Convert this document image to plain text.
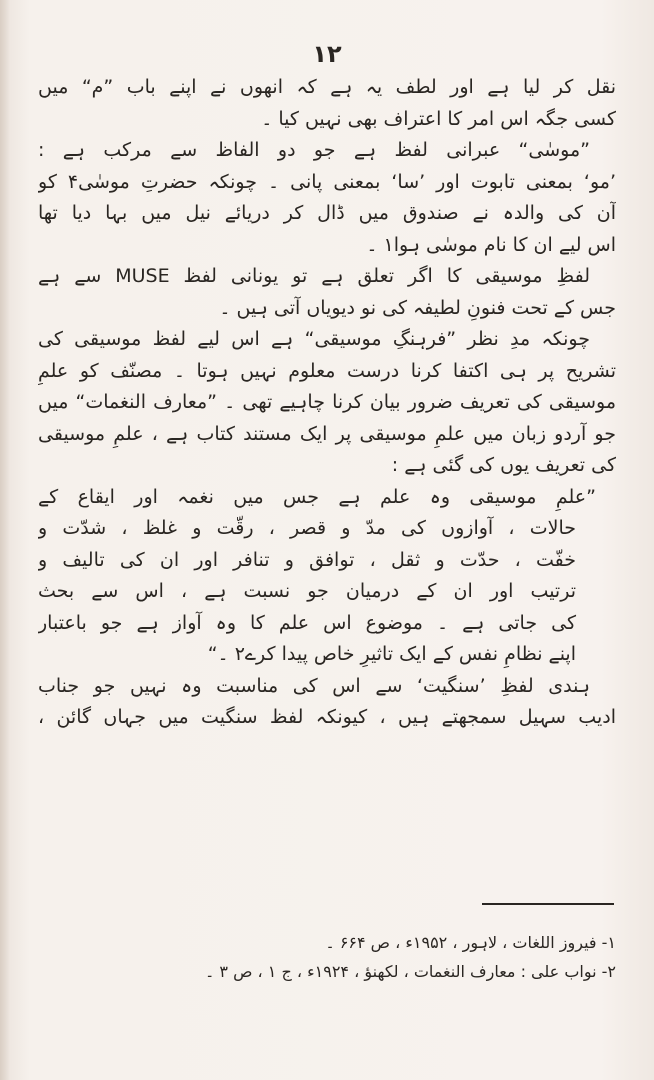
۱۲
نقل کر لیا ہے اور لطف یہ ہے کہ انھوں نے اپنے باب ”م“ میں
کسی جگہ اس امر کا اعتراف بھی نہیں کیا ۔
”موسٰی“ عبرانی لفظ ہے جو دو الفاظ سے مرکب ہے :
’مو‘ بمعنی تابوت اور ’سا‘ بمعنی پانی ۔ چونکہ حضرتِ موسٰی۴ کو
آن کی والدہ نے صندوق میں ڈال کر دریائے نیل میں بہا دیا تھا
اس لیے ان کا نام موسٰی ہوا۱ ۔
لفظِ موسیقی کا اگر تعلق ہے تو یونانی لفظ MUSE سے ہے
جس کے تحت فنونِ لطیفہ کی نو دیویاں آتی ہیں ۔
چونکہ مدِ نظر ”فرہنگِ موسیقی“ ہے اس لیے لفظ موسیقی کی
تشریح پر ہی اکتفا کرنا درست معلوم نہیں ہوتا ۔ مصنّف کو علمِ
موسیقی کی تعریف ضرور بیان کرنا چاہیے تھی ۔ ”معارف النغمات“ میں
جو آردو زبان میں علمِ موسیقی پر ایک مستند کتاب ہے ، علمِ موسیقی
کی تعریف یوں کی گئی ہے :
”علمِ موسیقی وہ علم ہے جس میں نغمہ اور ایقاع کے
حالات ، آوازوں کی مدّ و قصر ، رقّت و غلظ ، شدّت و
خفّت ، حدّت و ثقل ، توافق و تنافر اور ان کی تالیف و
ترتیب اور ان کے درمیان جو نسبت ہے ، اس سے بحث
کی جاتی ہے ۔ موضوع اس علم کا وہ آواز ہے جو باعتبار
اپنے نظامِ نفس کے ایک تاثیرِ خاص پیدا کرے۲ ۔“
ہندی لفظِ ’سنگیت‘ سے اس کی مناسبت وہ نہیں جو جناب
ادیب سہیل سمجھتے ہیں ، کیونکہ لفظ سنگیت میں جہاں گائن ،
۱- فیروز اللغات ، لاہور ، ۱۹۵۲ء ، ص ۶۶۴ ۔
۲- نواب علی : معارف النغمات ، لکھنؤ ، ۱۹۲۴ء ، ج ۱ ، ص ۳ ۔
